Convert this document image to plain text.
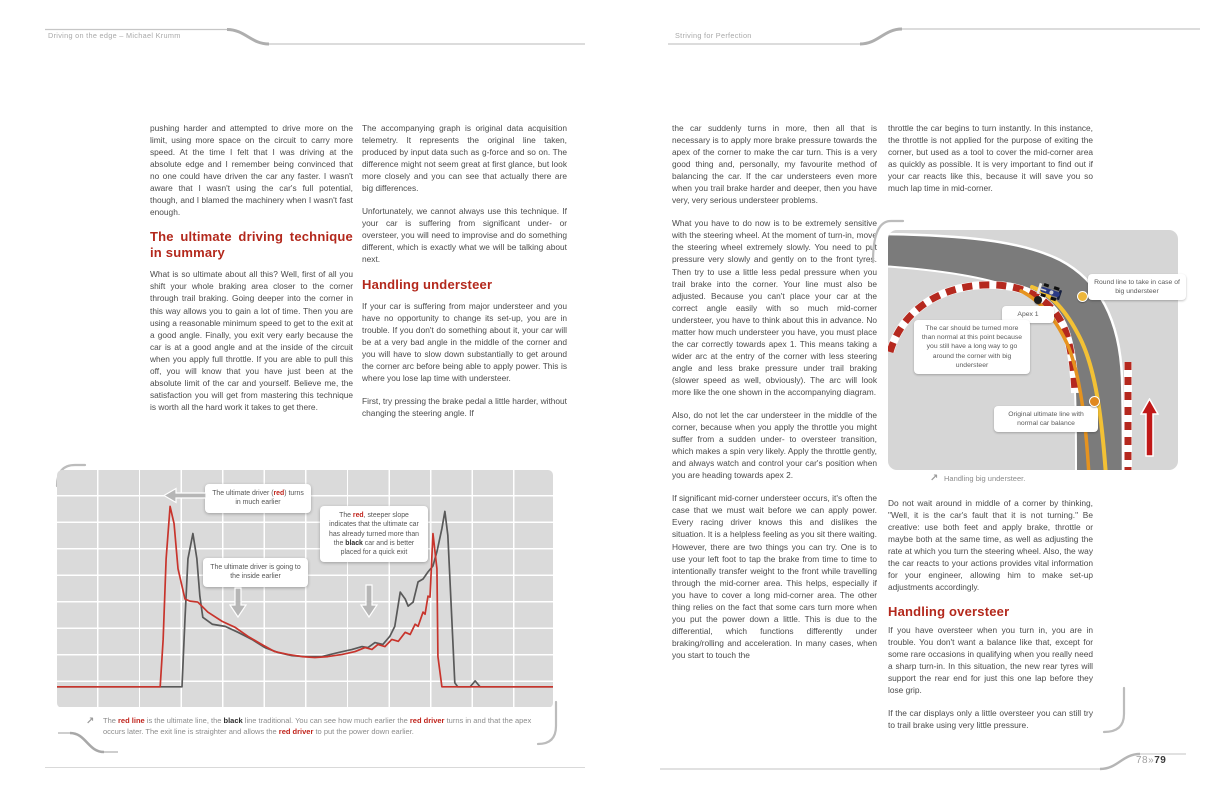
Driving on the edge – Michael Krumm

pushing harder and attempted to drive more on the limit, using more space on the circuit to carry more speed. At the time I felt that I was driving at the absolute edge and I remember being convinced that no one could have driven the car any faster. I wasn't aware that I wasn't using the car's full potential, though, and I blamed the machinery when I wasn't fast enough.

The ultimate driving technique in summary

What is so ultimate about all this? Well, first of all you shift your whole braking area closer to the corner through trail braking. Going deeper into the corner in this way allows you to gain a lot of time. Then you are using a reasonable minimum speed to get to the exit at a good angle. Finally, you exit very early because the car is at a good angle and at the inside of the circuit when you apply full throttle. If you are able to pull this off, you will know that you have just been at the absolute limit of the car and yourself. Believe me, the satisfaction you will get from mastering this technique is worth all the hard work it takes to get there.

The accompanying graph is original data acquisition telemetry. It represents the original line taken, produced by input data such as g-force and so on. The difference might not seem great at first glance, but look more closely and you can see that actually there are big differences.

Unfortunately, we cannot always use this technique. If your car is suffering from significant under- or oversteer, you will need to improvise and do something different, which is exactly what we will be talking about next.

Handling understeer

If your car is suffering from major understeer and you have no opportunity to change its set-up, you are in trouble. If you don't do something about it, your car will be at a very bad angle in the middle of the corner and you will have to slow down substantially to get around the corner arc before being able to apply power. This is where you lose lap time with understeer.

First, try pressing the brake pedal a little harder, without changing the steering angle. If

The ultimate driver (red) turns in much earlier
The ultimate driver is going to the inside earlier
The red, steeper slope indicates that the ultimate car has already turned more than the black car and is better placed for a quick exit
↗ The red line is the ultimate line, the black line traditional. You can see how much earlier the red driver turns in and that the apex occurs later. The exit line is straighter and allows the red driver to put the power down earlier.
Striving for Perfection

the car suddenly turns in more, then all that is necessary is to apply more brake pressure towards the apex of the corner to make the car turn. This is a very good thing and, personally, my favourite method of balancing the car. If the car understeers even more when you trail brake harder and deeper, then you have very, very serious understeer problems.

What you have to do now is to be extremely sensitive with the steering wheel. At the moment of turn-in, move the steering wheel extremely slowly. You need to put pressure very slowly and gently on to the front tyres. Then try to use a little less pedal pressure when you trail brake into the corner. Your line must also be adjusted. Because you can't place your car at the correct angle easily with so much mid-corner understeer, you have to think about this in advance. No matter how much understeer you have, you must place the car correctly towards apex 1. This means taking a wider arc at the entry of the corner with less steering angle and less brake pressure under trail braking (slower speed as well, obviously). The arc will look more like the one shown in the accompanying diagram.

Also, do not let the car understeer in the middle of the corner, because when you apply the throttle you might suffer from a sudden under- to oversteer transition, which makes a spin very likely. Apply the throttle gently, and always watch and control your car's position when you are heading towards apex 2.

If significant mid-corner understeer occurs, it's often the case that we must wait before we can apply power. Every racing driver knows this and dislikes the situation. It is a helpless feeling as you sit there waiting. However, there are two things you can try. One is to use your left foot to tap the brake from time to time to intentionally transfer weight to the front while travelling through the mid-corner area. This helps, especially if you have to cover a long mid-corner area. The other thing relies on the fact that some cars turn more when you put the power down a little. This is due to the differential, which functions differently under braking/rolling and acceleration. In many cases, when you start to touch the

throttle the car begins to turn instantly. In this instance, the throttle is not applied for the purpose of exiting the corner, but used as a tool to cover the mid-corner area as quickly as possible. It is very important to find out if your car reacts like this, because it will save you so much lap time in mid-corner.

Round line to take in case of big understeer
Apex 1
The car should be turned more than normal at this point because you still have a long way to go around the corner with big understeer
Original ultimate line with normal car balance
↗ Handling big understeer.

Do not wait around in middle of a corner by thinking, "Well, it is the car's fault that it is not turning." Be creative: use both feet and apply brake, throttle or maybe both at the same time, as well as adjusting the rate at which you turn the steering wheel. Also, the way the car reacts to your actions provides vital information for your engineer, allowing him to make set-up adjustments accordingly.

Handling oversteer

If you have oversteer when you turn in, you are in trouble. You don't want a balance like that, except for some rare occasions in qualifying when you really need a sharp turn-in. In this situation, the new rear tyres will support the rear end for just this one lap before they lose grip.

If the car displays only a little oversteer you can still try to trail brake using very little pressure.

78»79
